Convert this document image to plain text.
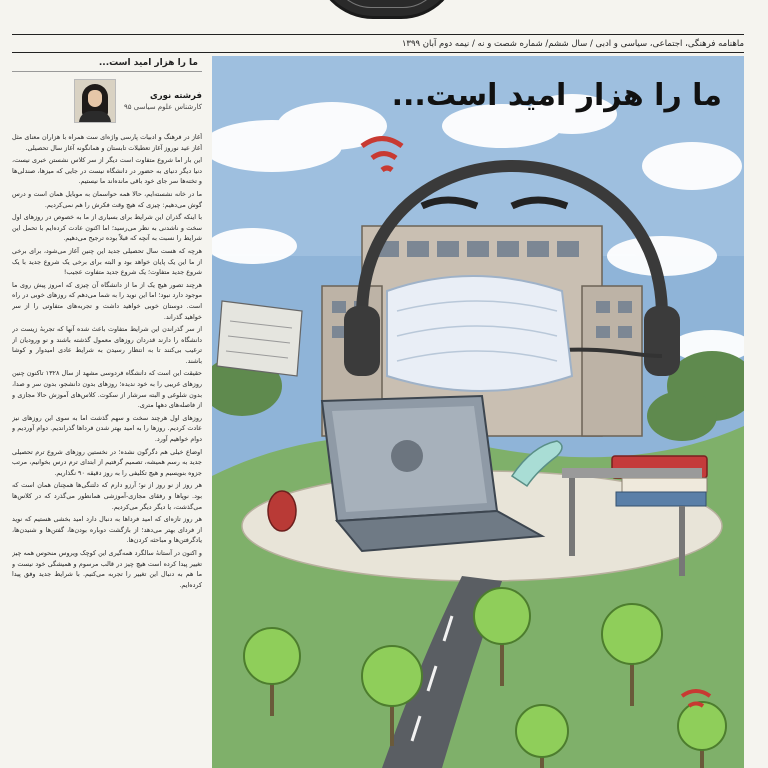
ماهنامه فرهنگی، اجتماعی، سیاسی و ادبی / سال ششم/ شماره شصت و نه / نیمه دوم آبان ۱۳۹۹
ما را هزار امید است...
فرشته نوری
کارشناس علوم سیاسی ۹۵

آغاز در فرهنگ و ادبیات پارسی واژه‌ای ست همراه با هزاران معنای مثل آغاز عید نوروز آغاز تعطیلات تابستان و همانگونه آغاز سال تحصیلی.

این بار اما شروع متفاوت است دیگر از سر کلاس نشستن خبری نیست، دنیا دیگر دنیای به حضور در دانشگاه نیست در جایی که میزها، صندلی‌ها و تخته‌ها سر جای خود باقی مانده‌اند ما نیستیم.

ما در خانه نشسته‌ایم، حالا همه حواسمان به موبایل همان است و درس گوش می‌دهیم: چیزی که هیچ وقت فکرش را هم نمی‌کردیم.

با اینکه گذران این شرایط برای بسیاری از ما به خصوص در روزهای اول سخت و ناشدنی به نظر می‌رسید؛ اما اکنون عادت کرده‌ایم با تحمل این شرایط را نسبت به آنچه که قبلاً بوده ترجیح می‌دهیم.

هرچه که هست سال تحصیلی جدید این چنین آغاز می‌شود، برای برخی از ما این یک پایان خواهد بود و البته برای برخی یک شروع جدید با یک شروع جدید متفاوت؛ یک شروع جدید متفاوت عجیب!

هرچند تصور هیچ یک از ما از دانشگاه آن چیزی که امروز پیش روی ما موجود دارد نبود؛ اما این نوید را به شما می‌دهم که روزهای خوبی در راه است. دوستان خوبی خواهید داشت و تجربه‌های متفاوتی را از سر خواهید گذراند.

از سر گذراندن این شرایط متفاوت باعث شده آنها که تجربهٔ زیست در دانشگاه را دارند قدردان روزهای معمول گذشته باشند و نو ورودیان از ترغیب بی‌کنند تا به انتظار رسیدن به شرایط عادی امیدوار و کوشا باشند.

حقیقت این است که دانشگاه فردوسی مشهد از سال ۱۳۲۸ تاکنون چنین روزهای غریبی را به خود ندیده؛ روزهای بدون دانشجو، بدون سر و صدا، بدون شلوغی و البته سرشار از سکوت. کلاس‌های آموزش حالا مجازی و از فاصله‌های دهها متری.

روزهای اول هرچند سخت و سهم گذشت اما به سوی این روزهای نیز عادت کردیم. روزها را به امید بهتر شدن فرداها گذراندیم. دوام آوردیم و دوام خواهیم آورد.

اوضاع خیلی هم دگرگون نشده؛ در نخستین روزهای شروع ترم تحصیلی جدید به رسم همیشه، تصمیم گرفتیم از ابتدای ترم درس بخوانیم، مرتب جزوه بنویسیم و هیچ تکلیفی را به روز دقیقه ۹۰ نگذاریم.

هر روز از نو روز از نو؛ آرزو دارم که دلتنگی‌ها همچنان همان است که بود. نوپاها و رفقای مجازی-آموزشی همانطور می‌گذرد که در کلاس‌ها می‌گذشت، یا دیگر دیگر می‌کردیم.

هر روز تازه‌ای که امید فرداها به دنبال دارد امید بخشی هستیم که نوید از فردای بهتر می‌دهد؛ از بازگشت دوباره بودن‌ها، گفتن‌ها و شنیدن‌ها، یادگرفتن‌ها و مباحثه کردن‌ها.

و اکنون در آستانهٔ سالگرد همه‌گیری این کوچک ویروس منحوس همه چیز تغییر پیدا کرده است هیچ چیز در قالب مرسوم و همیشگی خود نیست و ما هم به دنبال این تغییر را تجربه می‌کنیم. با شرایط جدید وفق پیدا کرده‌ایم.

ما را هزار امید است...
